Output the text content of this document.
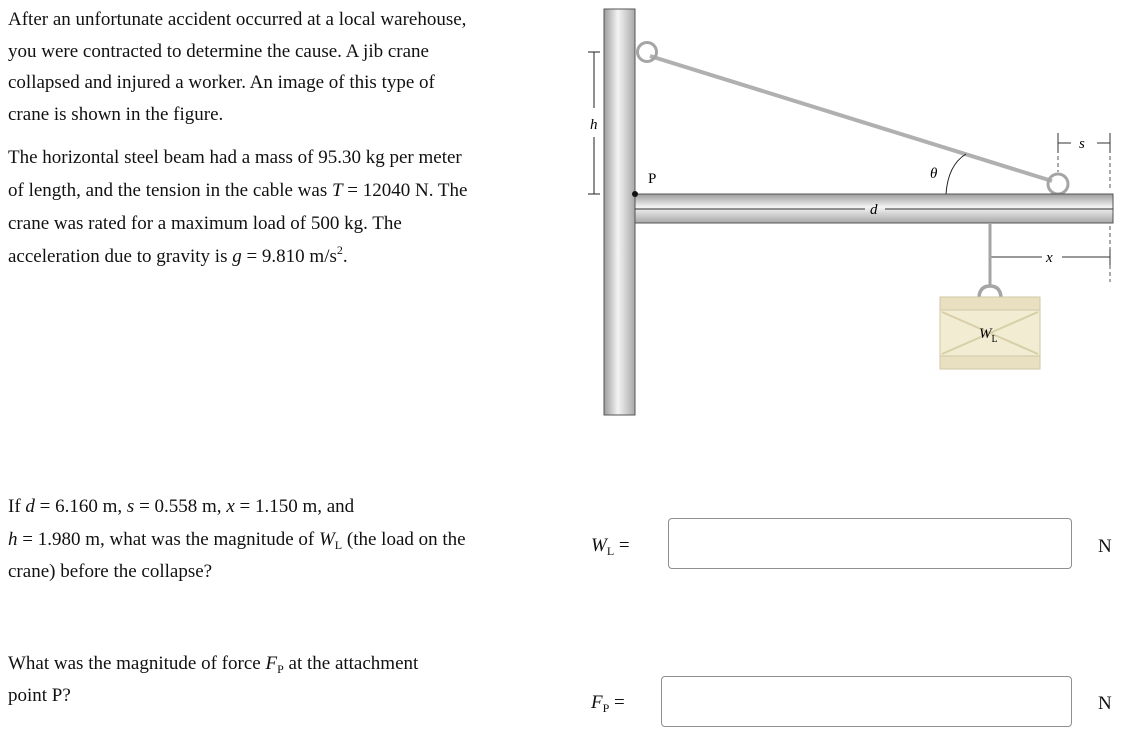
After an unfortunate accident occurred at a local warehouse,
you were contracted to determine the cause. A jib crane
collapsed and injured a worker. An image of this type of
crane is shown in the figure.

The horizontal steel beam had a mass of 95.30 kg per meter
of length, and the tension in the cable was T = 12040 N. The
crane was rated for a maximum load of 500 kg. The
acceleration due to gravity is g = 9.810 $m/s^2$.

If d = 6.160 m, s = 0.558 m, x = 1.150 m, and
h = 1.980 m, what was the magnitude of $W_L$ (the load on the
crane) before the collapse?

What was the magnitude of force $F_P$ at the attachment
point P?

$W_L$ =	N
$F_P$ =	N
h
P
d
θ
s
x
$W_L$
